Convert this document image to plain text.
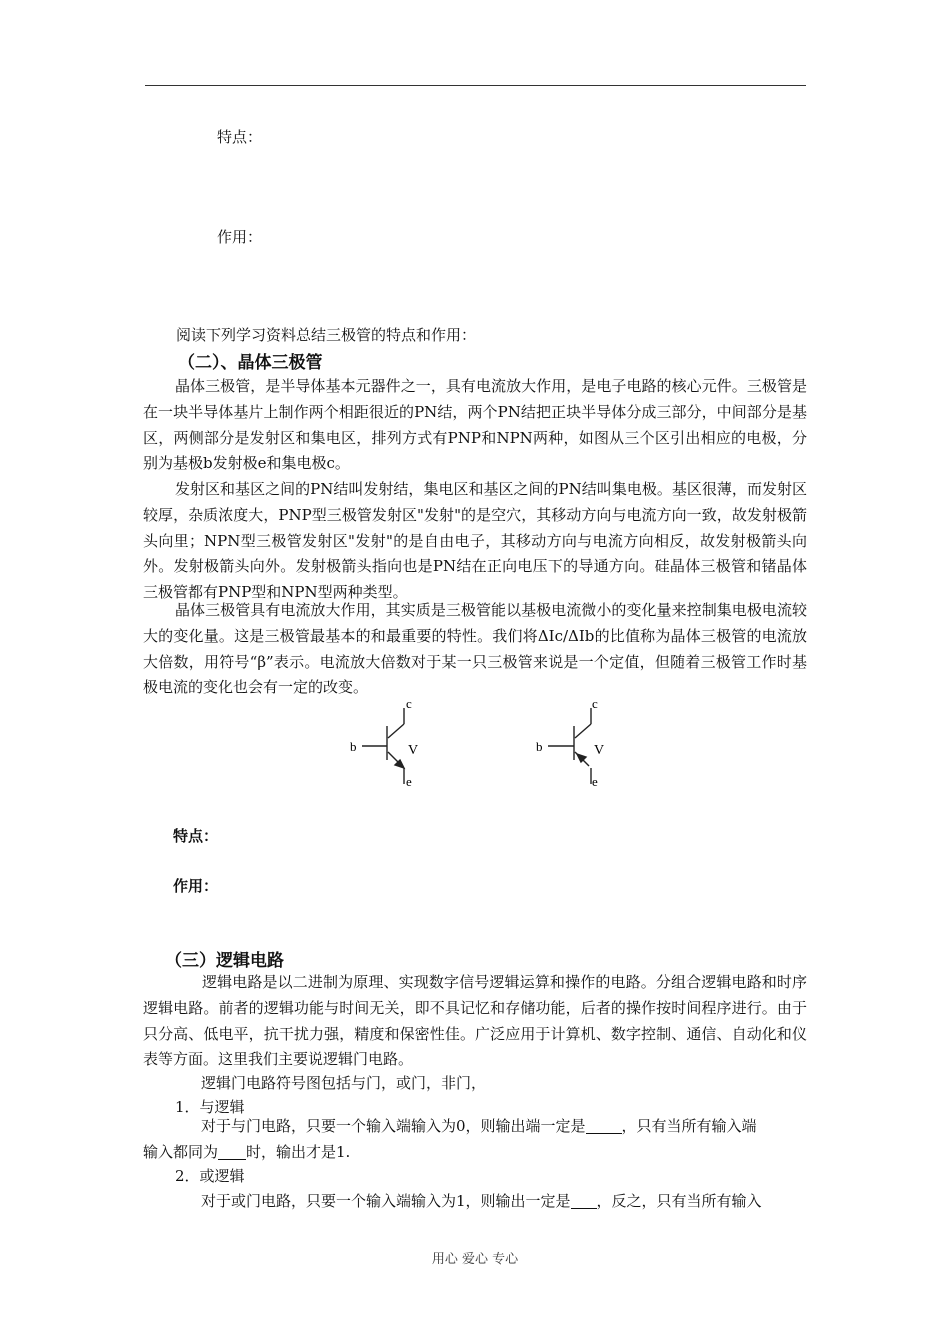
特点：
作用：
阅读下列学习资料总结三极管的特点和作用：
（二）、晶体三极管
晶体三极管，是半导体基本元器件之一，具有电流放大作用，是电子电路的核心元件。三极管是在一块半导体基片上制作两个相距很近的PN结，两个PN结把正块半导体分成三部分，中间部分是基区，两侧部分是发射区和集电区，排列方式有PNP和NPN两种，如图从三个区引出相应的电极，分别为基极b发射极e和集电极c。
发射区和基区之间的PN结叫发射结，集电区和基区之间的PN结叫集电极。基区很薄，而发射区较厚，杂质浓度大，PNP型三极管发射区"发射"的是空穴，其移动方向与电流方向一致，故发射极箭头向里；NPN型三极管发射区"发射"的是自由电子，其移动方向与电流方向相反，故发射极箭头向外。发射极箭头向外。发射极箭头指向也是PN结在正向电压下的导通方向。硅晶体三极管和锗晶体三极管都有PNP型和NPN型两种类型。
晶体三极管具有电流放大作用，其实质是三极管能以基极电流微小的变化量来控制集电极电流较大的变化量。这是三极管最基本的和最重要的特性。我们将ΔIc/ΔIb的比值称为晶体三极管的电流放大倍数，用符号“β”表示。电流放大倍数对于某一只三极管来说是一个定值，但随着三极管工作时基极电流的变化也会有一定的改变。
c
b	V
e
c
b	V
e
特点：
作用：
（三）逻辑电路
逻辑电路是以二进制为原理、实现数字信号逻辑运算和操作的电路。分组合逻辑电路和时序逻辑电路。前者的逻辑功能与时间无关，即不具记忆和存储功能，后者的操作按时间程序进行。由于只分高、低电平，抗干扰力强，精度和保密性佳。广泛应用于计算机、数字控制、通信、自动化和仪表等方面。这里我们主要说逻辑门电路。
逻辑门电路符号图包括与门，或门，非门，
1．与逻辑
对于与门电路，只要一个输入端输入为0，则输出端一定是 ，只有当所有输入端
输入都同为 时，输出才是1.
2．或逻辑
对于或门电路，只要一个输入端输入为1，则输出一定是 ，反之，只有当所有输入
用心 爱心 专心
